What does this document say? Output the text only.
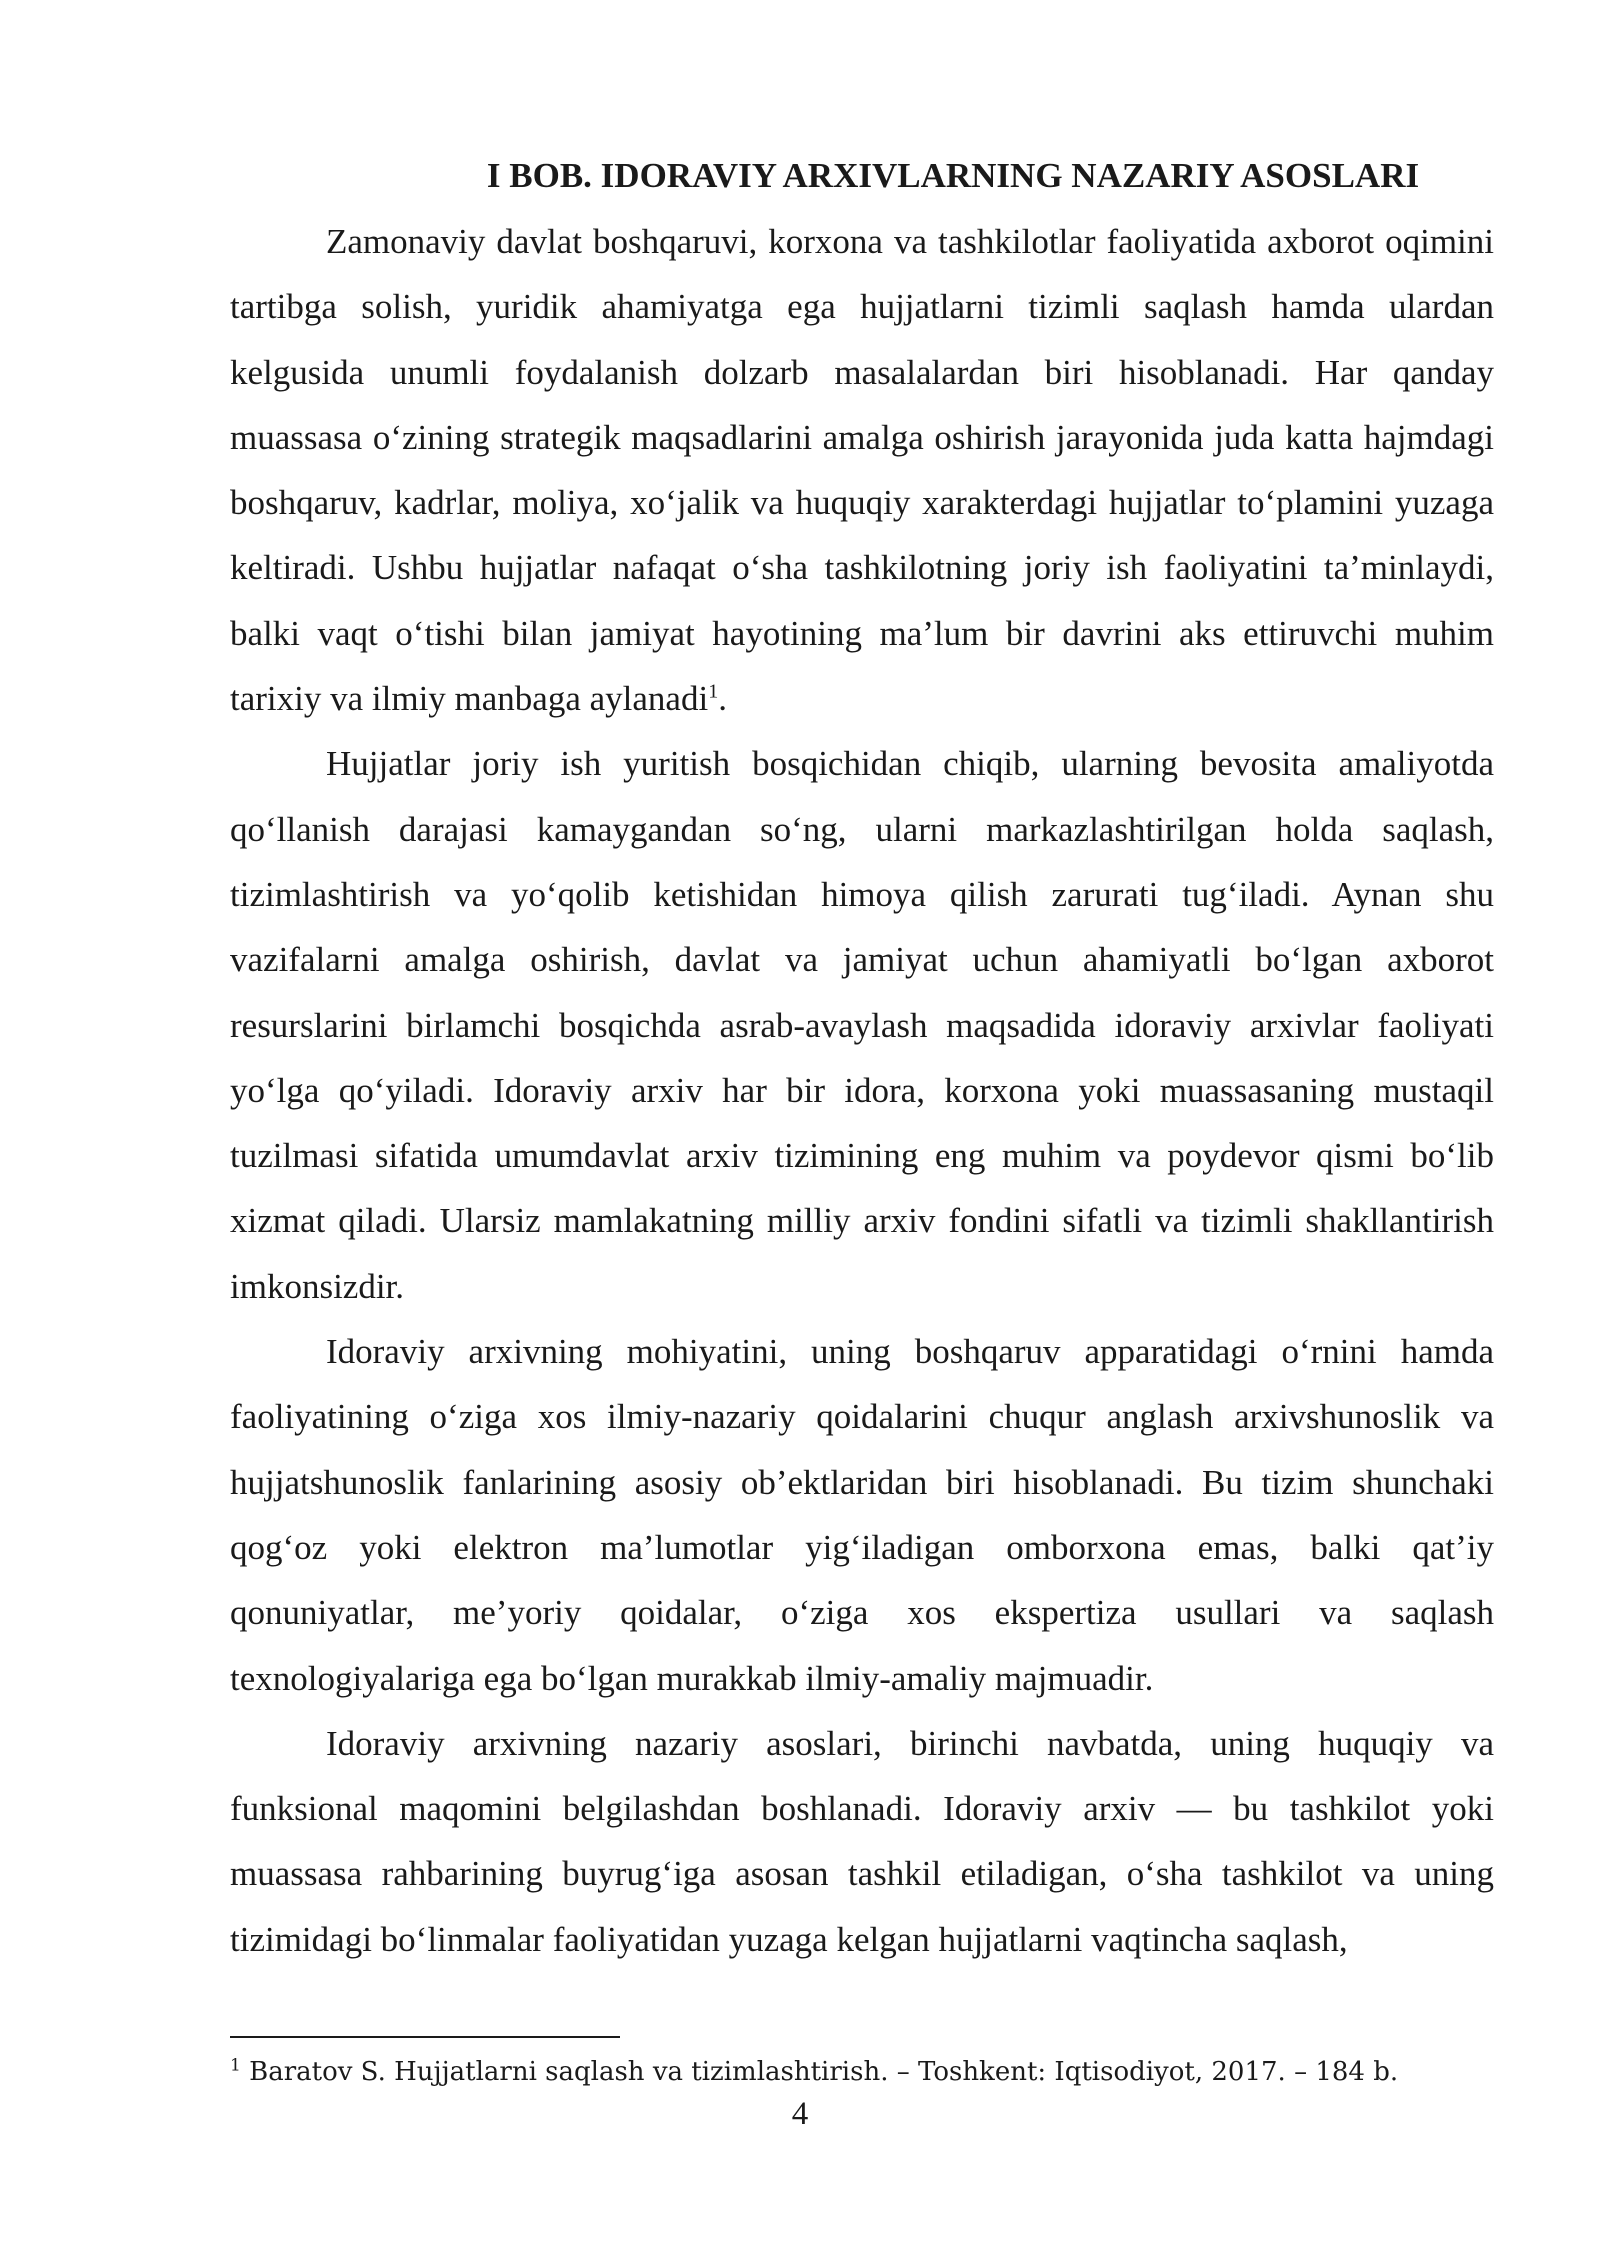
I BOB. IDORAVIY ARXIVLARNING NAZARIY ASOSLARI

Zamonaviy davlat boshqaruvi, korxona va tashkilotlar faoliyatida axborot oqimini tartibga solish, yuridik ahamiyatga ega hujjatlarni tizimli saqlash hamda ulardan kelgusida unumli foydalanish dolzarb masalalardan biri hisoblanadi. Har qanday muassasa o‘zining strategik maqsadlarini amalga oshirish jarayonida juda katta hajmdagi boshqaruv, kadrlar, moliya, xo‘jalik va huquqiy xarakterdagi hujjatlar to‘plamini yuzaga keltiradi. Ushbu hujjatlar nafaqat o‘sha tashkilotning joriy ish faoliyatini ta’minlaydi, balki vaqt o‘tishi bilan jamiyat hayotining ma’lum bir davrini aks ettiruvchi muhim tarixiy va ilmiy manbaga aylanadi$^1$.

Hujjatlar joriy ish yuritish bosqichidan chiqib, ularning bevosita amaliyotda qo‘llanish darajasi kamaygandan so‘ng, ularni markazlashtirilgan holda saqlash, tizimlashtirish va yo‘qolib ketishidan himoya qilish zarurati tug‘iladi. Aynan shu vazifalarni amalga oshirish, davlat va jamiyat uchun ahamiyatli bo‘lgan axborot resurslarini birlamchi bosqichda asrab-avaylash maqsadida idoraviy arxivlar faoliyati yo‘lga qo‘yiladi. Idoraviy arxiv har bir idora, korxona yoki muassasaning mustaqil tuzilmasi sifatida umumdavlat arxiv tizimining eng muhim va poydevor qismi bo‘lib xizmat qiladi. Ularsiz mamlakatning milliy arxiv fondini sifatli va tizimli shakllantirish imkonsizdir.

Idoraviy arxivning mohiyatini, uning boshqaruv apparatidagi o‘rnini hamda faoliyatining o‘ziga xos ilmiy-nazariy qoidalarini chuqur anglash arxivshunoslik va hujjatshunoslik fanlarining asosiy ob’ektlaridan biri hisoblanadi. Bu tizim shunchaki qog‘oz yoki elektron ma’lumotlar yig‘iladigan omborxona emas, balki qat’iy qonuniyatlar, me’yoriy qoidalar, o‘ziga xos ekspertiza usullari va saqlash texnologiyalariga ega bo‘lgan murakkab ilmiy-amaliy majmuadir.

Idoraviy arxivning nazariy asoslari, birinchi navbatda, uning huquqiy va funksional maqomini belgilashdan boshlanadi. Idoraviy arxiv — bu tashkilot yoki muassasa rahbarining buyrug‘iga asosan tashkil etiladigan, o‘sha tashkilot va uning tizimidagi bo‘linmalar faoliyatidan yuzaga kelgan hujjatlarni vaqtincha saqlash,

$^1$ Baratov S. Hujjatlarni saqlash va tizimlashtirish. – Toshkent: Iqtisodiyot, 2017. – 184 b.
4
